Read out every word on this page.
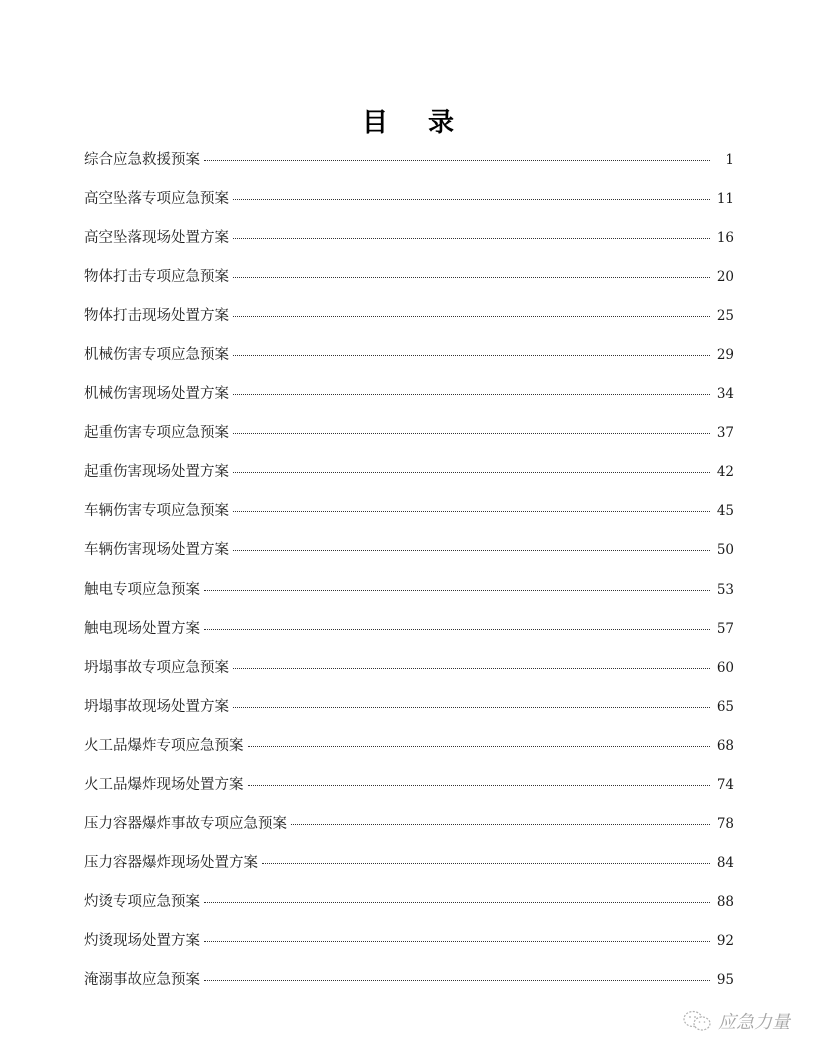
目 录
综合应急救援预案	1
高空坠落专项应急预案	11
高空坠落现场处置方案	16
物体打击专项应急预案	20
物体打击现场处置方案	25
机械伤害专项应急预案	29
机械伤害现场处置方案	34
起重伤害专项应急预案	37
起重伤害现场处置方案	42
车辆伤害专项应急预案	45
车辆伤害现场处置方案	50
触电专项应急预案	53
触电现场处置方案	57
坍塌事故专项应急预案	60
坍塌事故现场处置方案	65
火工品爆炸专项应急预案	68
火工品爆炸现场处置方案	74
压力容器爆炸事故专项应急预案	78
压力容器爆炸现场处置方案	84
灼烫专项应急预案	88
灼烫现场处置方案	92
淹溺事故应急预案	95
应急力量
